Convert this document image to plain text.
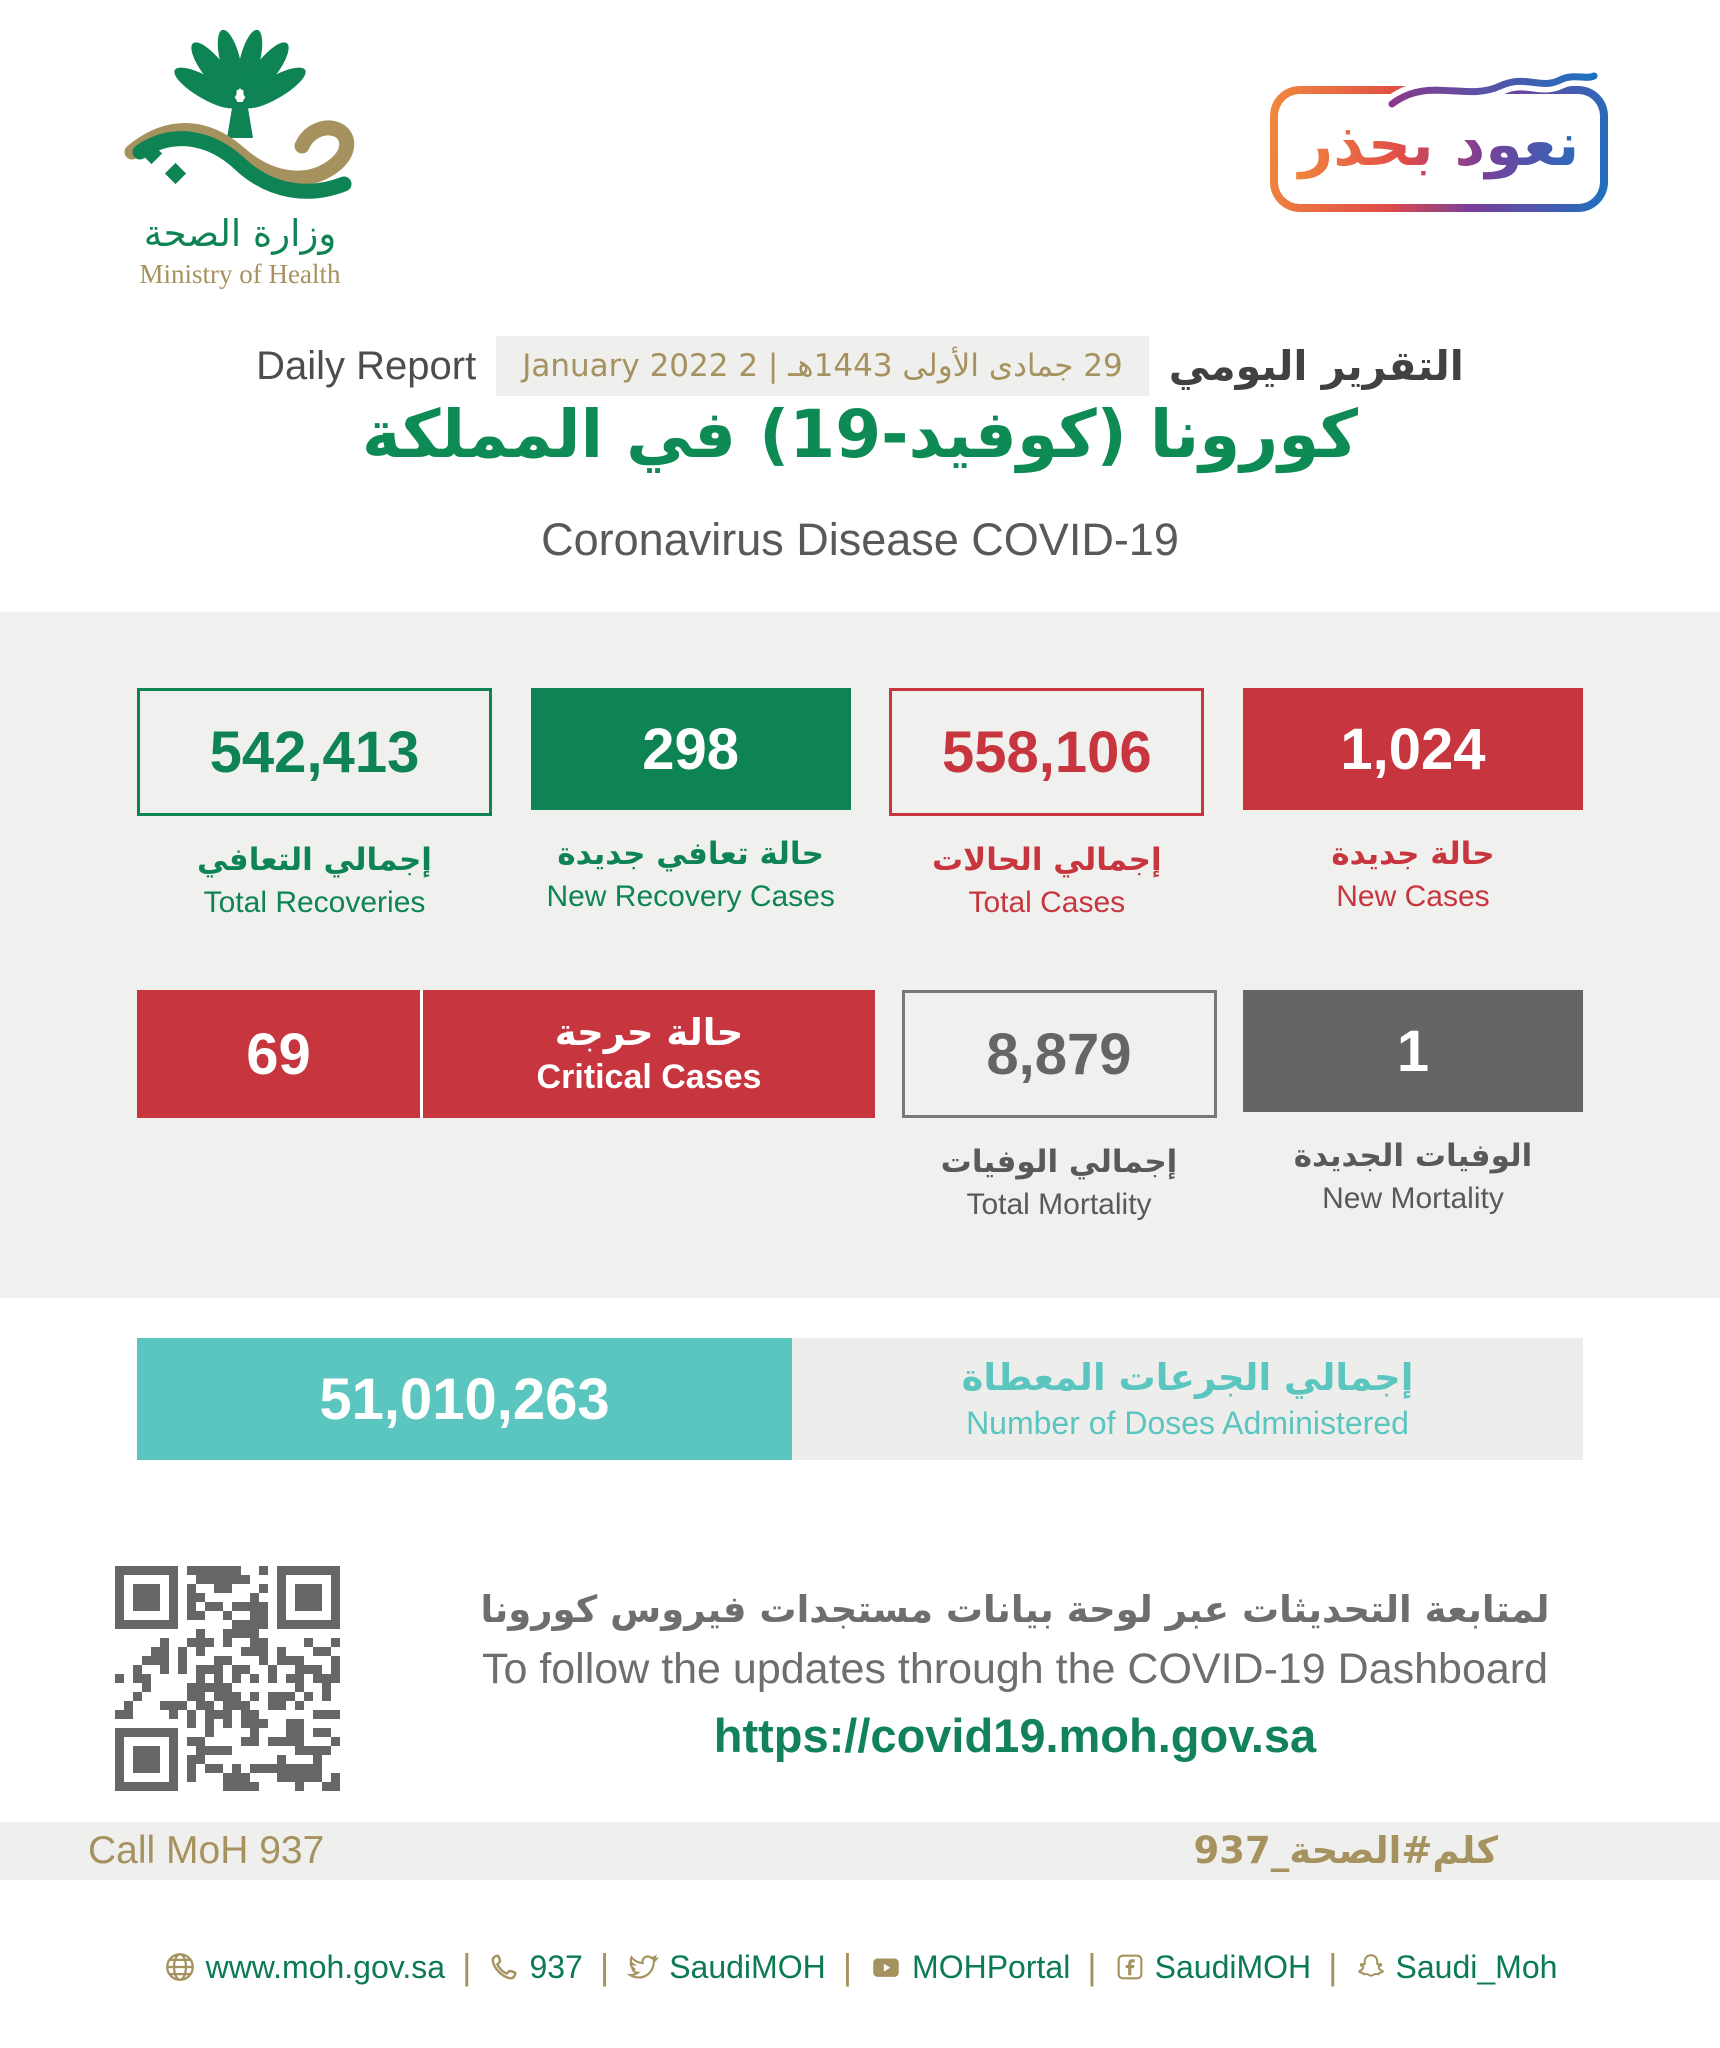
وزارة الصحة
Ministry of Health
نعود بحذر
Daily Report	29 جمادى الأولى 1443هـ | 2 January 2022	التقرير اليومي
كورونا (كوفيد-19) في المملكة
Coronavirus Disease COVID-19
542,413
إجمالي التعافي
Total Recoveries
298
حالة تعافي جديدة
New Recovery Cases
558,106
إجمالي الحالات
Total Cases
1,024
حالة جديدة
New Cases
69	حالة حرجة
Critical Cases	8,879
إجمالي الوفيات
Total Mortality
1
الوفيات الجديدة
New Mortality
51,010,263	إجمالي الجرعات المعطاة
Number of Doses Administered
لمتابعة التحديثات عبر لوحة بيانات مستجدات فيروس كورونا
To follow the updates through the COVID-19 Dashboard
https://covid19.moh.gov.sa
Call MoH 937	كلم#الصحة_937
www.moh.gov.sa | 937 | SaudiMOH | MOHPortal | SaudiMOH | Saudi_Moh
